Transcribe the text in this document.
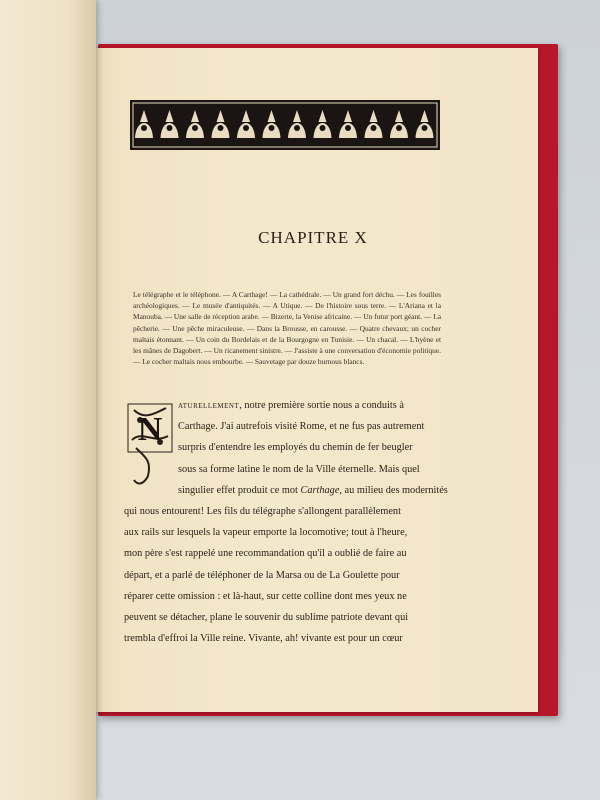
CHAPITRE X

Le télégraphe et le téléphone. — A Carthage! — La cathédrale. — Un grand fort déchu. — Les fouilles archéologiques. — Le musée d'antiquités. — A Utique. — De l'histoire sous terre. — L'Ariana et la Manouba. — Une salle de réception arabe. — Bizerte, la Venise africaine. — Un futur port géant. — La pêcherie. — Une pêche miraculeuse. — Dans la Brousse, en carousse. — Quatre chevaux; un cocher maltais étonnant. — Un coin du Bordelais et de la Bourgogne en Tunisie. — Un chacal. — L'hyène et les mânes de Dagobert. — Un ricanement sinistre. — J'assiste à une conversation d'économie politique. — Le cocher maltais nous embourbe. — Sauvetage par douze burnous blancs.

N
aturellement, notre première sortie nous a conduits à
Carthage. J'ai autrefois visité Rome, et ne fus pas autrement
surpris d'entendre les employés du chemin de fer beugler
sous sa forme latine le nom de la Ville éternelle. Mais quel
singulier effet produit ce mot Carthage, au milieu des modernités
qui nous entourent! Les fils du télégraphe s'allongent parallèlement
aux rails sur lesquels la vapeur emporte la locomotive; tout à l'heure,
mon père s'est rappelé une recommandation qu'il a oublié de faire au
départ, et a parlé de téléphoner de la Marsa ou de La Goulette pour
réparer cette omission : et là-haut, sur cette colline dont mes yeux ne
peuvent se détacher, plane le souvenir du sublime patriote devant qui
trembla d'effroi la Ville reine. Vivante, ah! vivante est pour un cœur
